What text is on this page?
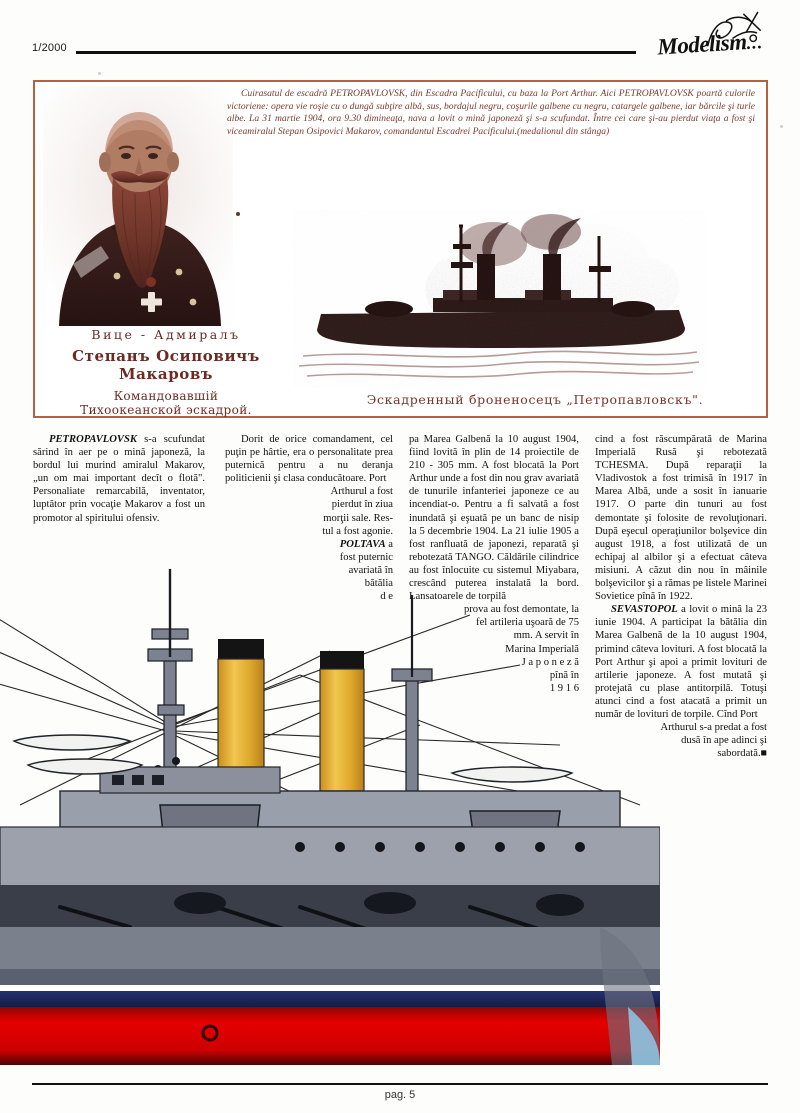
1/2000	Modelism...
Вице - Адмиралъ
Степанъ Осиповичъ Макаровъ
Командовавшiй
Тихоокеанской эскадрой.
Cuirasatul de escadră PETROPAVLOVSK, din Escadra Pacificului, cu baza la Port Arthur. Aici PETROPAVLOVSK poartă culorile victoriene: opera vie roşie cu o dungă subţire albă, sus, bordajul negru, coşurile galbene cu negru, catargele galbene, iar bărcile şi turle albe. La 31 martie 1904, ora 9.30 dimineaţa, nava a lovit o mină japoneză şi s-a scufundat. Între cei care şi-au pierdut viaţa a fost şi viceamiralul Stepan Osipovici Makarov, comandantul Escadrei Pacificului.(medalionul din stânga)
Эскадренный броненосецъ „Петропавловскъ".

PETROPAVLOVSK s-a scufundat sărind în aer pe o mină japoneză, la bordul lui murind amiralul Makarov, „un om mai important decît o flotă". Personaliate remarcabilă, inventator, luptător prin vocaţie Makarov a fost un promotor al spiritului ofensiv.

Dorit de orice comandament, cel puţin pe hârtie, era o personalitate prea puternică pentru a nu deranja politicienii şi clasa conducătoare. Port

Arthurul a fost
pierdut în ziua
morţii sale. Res-
tul a fost agonie.
POLTAVA a
fost puternic
avariată în
bătălia
d e

pa Marea Galbenă la 10 august 1904, fiind lovită în plin de 14 proiectile de 210 - 305 mm. A fost blocată la Port Arthur unde a fost din nou grav avariată de tunurile infanteriei japoneze ce au incendiat-o. Pentru a fi salvată a fost inundată şi eşuată pe un banc de nisip la 5 decembrie 1904. La 21 iulie 1905 a fost ranfluată de japonezi, reparată şi rebotezată TANGO. Căldările cilindrice au fost înlocuite cu sistemul Miyabara, crescând puterea instalată la bord. Lansatoarele de torpilă

prova au fost demontate, la
fel artileria uşoară de 75
mm. A servit în
Marina Imperială
J a p o n e z ă
pînă în
1 9 1 6

cind a fost răscumpărată de Marina Imperială Rusă şi rebotezată TCHESMA. După reparaţii la Vladivostok a fost trimisă în 1917 în Marea Albă, unde a sosit în ianuarie 1917. O parte din tunuri au fost demontate şi folosite de revoluţionari. După eşecul operaţiunilor bolşevice din august 1918, a fost utilizată de un echipaj al albilor şi a efectuat câteva misiuni. A căzut din nou în mâinile bolşevicilor şi a rămas pe listele Marinei Sovietice pînă în 1922.

SEVASTOPOL a lovit o mină la 23 iunie 1904. A participat la bătălia din Marea Galbenă de la 10 august 1904, primind câteva lovituri. A fost blocată la Port Arthur şi apoi a primit lovituri de artilerie japoneze. A fost mutată şi protejată cu plase antitorpilă. Totuşi atunci cind a fost atacată a primit un număr de lovituri de torpile. Cînd Port

Arthurul s-a predat a fost
dusă în ape adinci şi
sabordată.■
pag. 5
